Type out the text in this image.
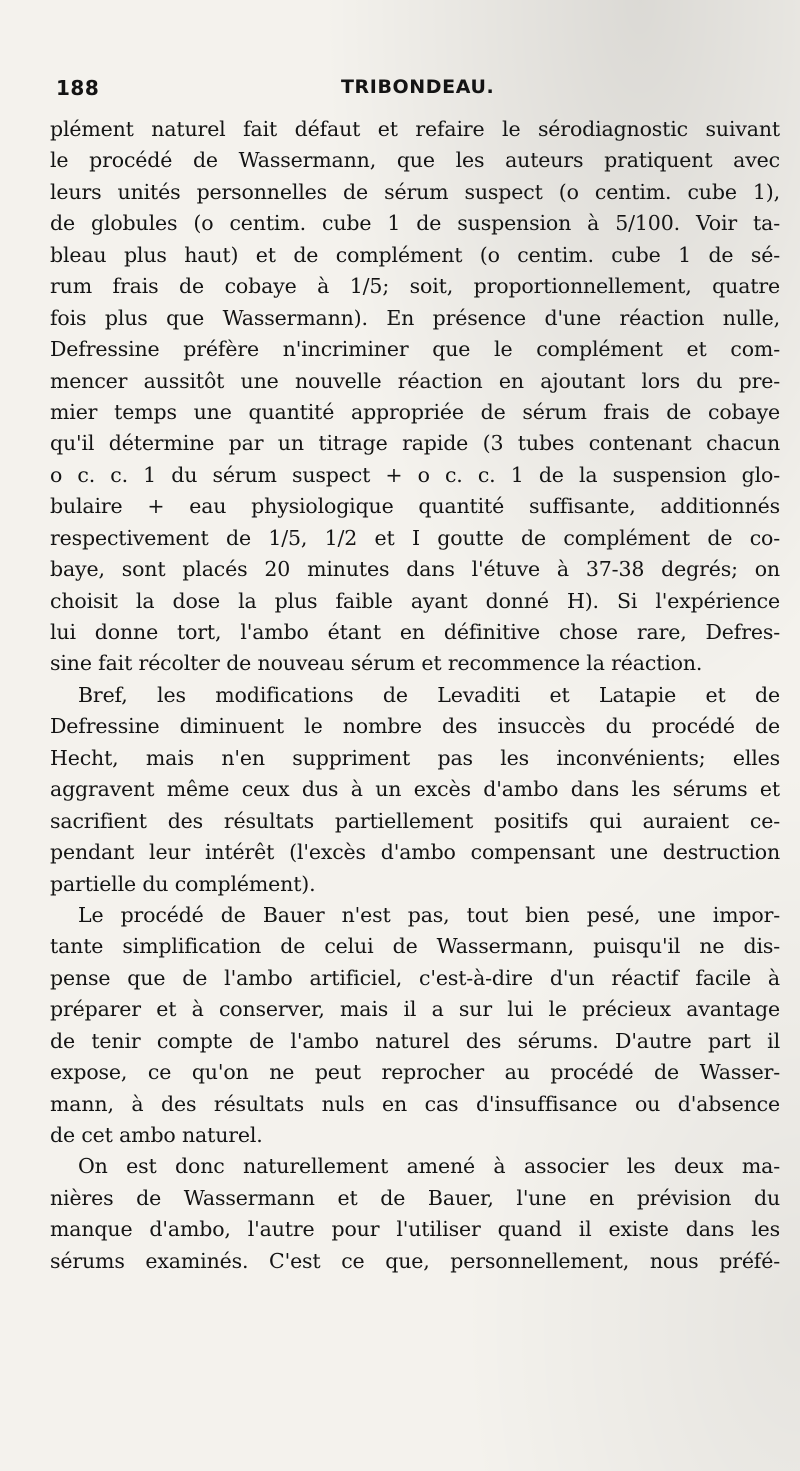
188	TRIBONDEAU.
plément naturel fait défaut et refaire le sérodiagnostic suivant
le procédé de Wassermann, que les auteurs pratiquent avec
leurs unités personnelles de sérum suspect (o centim. cube 1),
de globules (o centim. cube 1 de suspension à 5/100. Voir ta-
bleau plus haut) et de complément (o centim. cube 1 de sé-
rum frais de cobaye à 1/5; soit, proportionnellement, quatre
fois plus que Wassermann). En présence d'une réaction nulle,
Defressine préfère n'incriminer que le complément et com-
mencer aussitôt une nouvelle réaction en ajoutant lors du pre-
mier temps une quantité appropriée de sérum frais de cobaye
qu'il détermine par un titrage rapide (3 tubes contenant chacun
o c. c. 1 du sérum suspect + o c. c. 1 de la suspension glo-
bulaire + eau physiologique quantité suffisante, additionnés
respectivement de 1/5, 1/2 et I goutte de complément de co-
baye, sont placés 20 minutes dans l'étuve à 37-38 degrés; on
choisit la dose la plus faible ayant donné H). Si l'expérience
lui donne tort, l'ambo étant en définitive chose rare, Defres-
sine fait récolter de nouveau sérum et recommence la réaction.
Bref, les modifications de Levaditi et Latapie et de
Defressine diminuent le nombre des insuccès du procédé de
Hecht, mais n'en suppriment pas les inconvénients; elles
aggravent même ceux dus à un excès d'ambo dans les sérums et
sacrifient des résultats partiellement positifs qui auraient ce-
pendant leur intérêt (l'excès d'ambo compensant une destruction
partielle du complément).
Le procédé de Bauer n'est pas, tout bien pesé, une impor-
tante simplification de celui de Wassermann, puisqu'il ne dis-
pense que de l'ambo artificiel, c'est-à-dire d'un réactif facile à
préparer et à conserver, mais il a sur lui le précieux avantage
de tenir compte de l'ambo naturel des sérums. D'autre part il
expose, ce qu'on ne peut reprocher au procédé de Wasser-
mann, à des résultats nuls en cas d'insuffisance ou d'absence
de cet ambo naturel.
On est donc naturellement amené à associer les deux ma-
nières de Wassermann et de Bauer, l'une en prévision du
manque d'ambo, l'autre pour l'utiliser quand il existe dans les
sérums examinés. C'est ce que, personnellement, nous préfé-
